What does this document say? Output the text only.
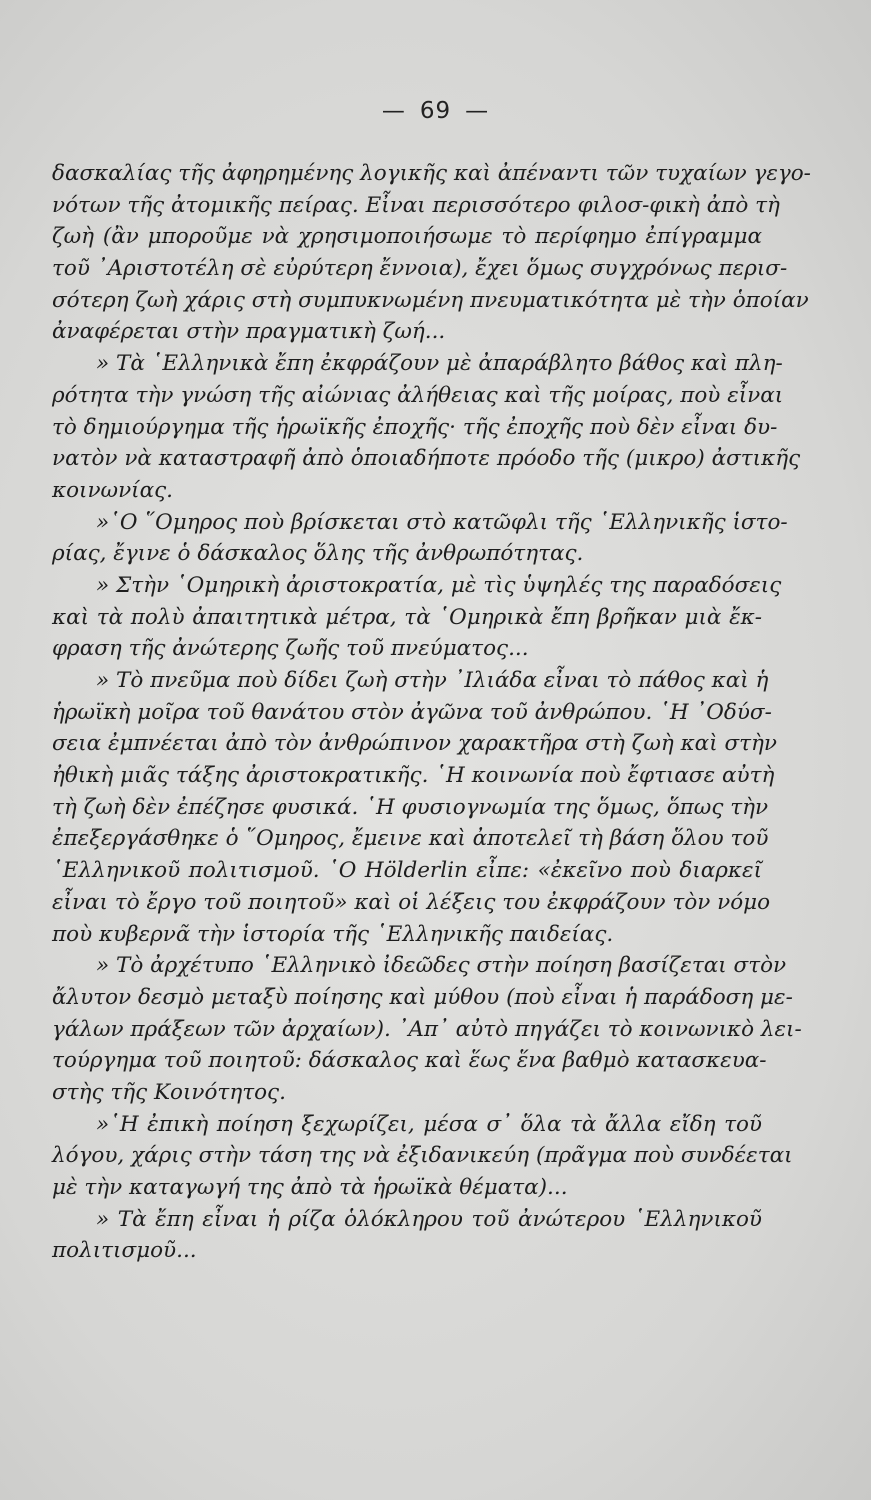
— 69 —
δασκαλίας τῆς ἀφηρημένης λογικῆς καὶ ἀπέναντι τῶν τυχαίων γεγο-
νότων τῆς ἀτομικῆς πείρας. Εἶναι περισσότερο φιλοσ-φικὴ ἀπὸ τὴ
ζωὴ (ἂν μποροῦμε νὰ χρησιμοποιήσωμε τὸ περίφημο ἐπίγραμμα
τοῦ ᾿Αριστοτέλη σὲ εὐρύτερη ἔννοια), ἔχει ὅμως συγχρόνως περισ-
σότερη ζωὴ χάρις στὴ συμπυκνωμένη πνευματικότητα μὲ τὴν ὁποίαν
ἀναφέρεται στὴν πραγματικὴ ζωή...
» Τὰ ῾Ελληνικὰ ἔπη ἐκφράζουν μὲ ἀπαράβλητο βάθος καὶ πλη-
ρότητα τὴν γνώση τῆς αἰώνιας ἀλήθειας καὶ τῆς μοίρας, ποὺ εἶναι
τὸ δημιούργημα τῆς ἡρωϊκῆς ἐποχῆς· τῆς ἐποχῆς ποὺ δὲν εἶναι δυ-
νατὸν νὰ καταστραφῆ ἀπὸ ὁποιαδήποτε πρόοδο τῆς (μικρο) ἀστικῆς
κοινωνίας.
»῾Ο ῞Ομηρος ποὺ βρίσκεται στὸ κατῶφλι τῆς ῾Ελληνικῆς ἱστο-
ρίας, ἔγινε ὁ δάσκαλος ὅλης τῆς ἀνθρωπότητας.
» Στὴν ῾Ομηρικὴ ἀριστοκρατία, μὲ τὶς ὑψηλές της παραδόσεις
καὶ τὰ πολὺ ἀπαιτητικὰ μέτρα, τὰ ῾Ομηρικὰ ἔπη βρῆκαν μιὰ ἔκ-
φραση τῆς ἀνώτερης ζωῆς τοῦ πνεύματος...
» Τὸ πνεῦμα ποὺ δίδει ζωὴ στὴν ᾿Ιλιάδα εἶναι τὸ πάθος καὶ ἡ
ἡρωϊκὴ μοῖρα τοῦ θανάτου στὸν ἀγῶνα τοῦ ἀνθρώπου. ῾Η ᾿Οδύσ-
σεια ἐμπνέεται ἀπὸ τὸν ἀνθρώπινον χαρακτῆρα στὴ ζωὴ καὶ στὴν
ἠθικὴ μιᾶς τάξης ἀριστοκρατικῆς. ῾Η κοινωνία ποὺ ἔφτιασε αὐτὴ
τὴ ζωὴ δὲν ἐπέζησε φυσικά. ῾Η φυσιογνωμία της ὅμως, ὅπως τὴν
ἐπεξεργάσθηκε ὁ ῞Ομηρος, ἔμεινε καὶ ἀποτελεῖ τὴ βάση ὅλου τοῦ
῾Ελληνικοῦ πολιτισμοῦ. ῾Ο Hölderlin εἶπε: «ἐκεῖνο ποὺ διαρκεῖ
εἶναι τὸ ἔργο τοῦ ποιητοῦ» καὶ οἱ λέξεις του ἐκφράζουν τὸν νόμο
ποὺ κυβερνᾶ τὴν ἱστορία τῆς ῾Ελληνικῆς παιδείας.
» Τὸ ἀρχέτυπο ῾Ελληνικὸ ἰδεῶδες στὴν ποίηση βασίζεται στὸν
ἄλυτον δεσμὸ μεταξὺ ποίησης καὶ μύθου (ποὺ εἶναι ἡ παράδοση με-
γάλων πράξεων τῶν ἀρχαίων). ᾿Απ᾿ αὐτὸ πηγάζει τὸ κοινωνικὸ λει-
τούργημα τοῦ ποιητοῦ: δάσκαλος καὶ ἕως ἕνα βαθμὸ κατασκευα-
στὴς τῆς Κοινότητος.
»῾Η ἐπικὴ ποίηση ξεχωρίζει, μέσα σ᾿ ὅλα τὰ ἄλλα εἴδη τοῦ
λόγου, χάρις στὴν τάση της νὰ ἐξιδανικεύη (πρᾶγμα ποὺ συνδέεται
μὲ τὴν καταγωγή της ἀπὸ τὰ ἡρωϊκὰ θέματα)...
» Τὰ ἔπη εἶναι ἡ ρίζα ὁλόκληρου τοῦ ἀνώτερου ῾Ελληνικοῦ
πολιτισμοῦ...
